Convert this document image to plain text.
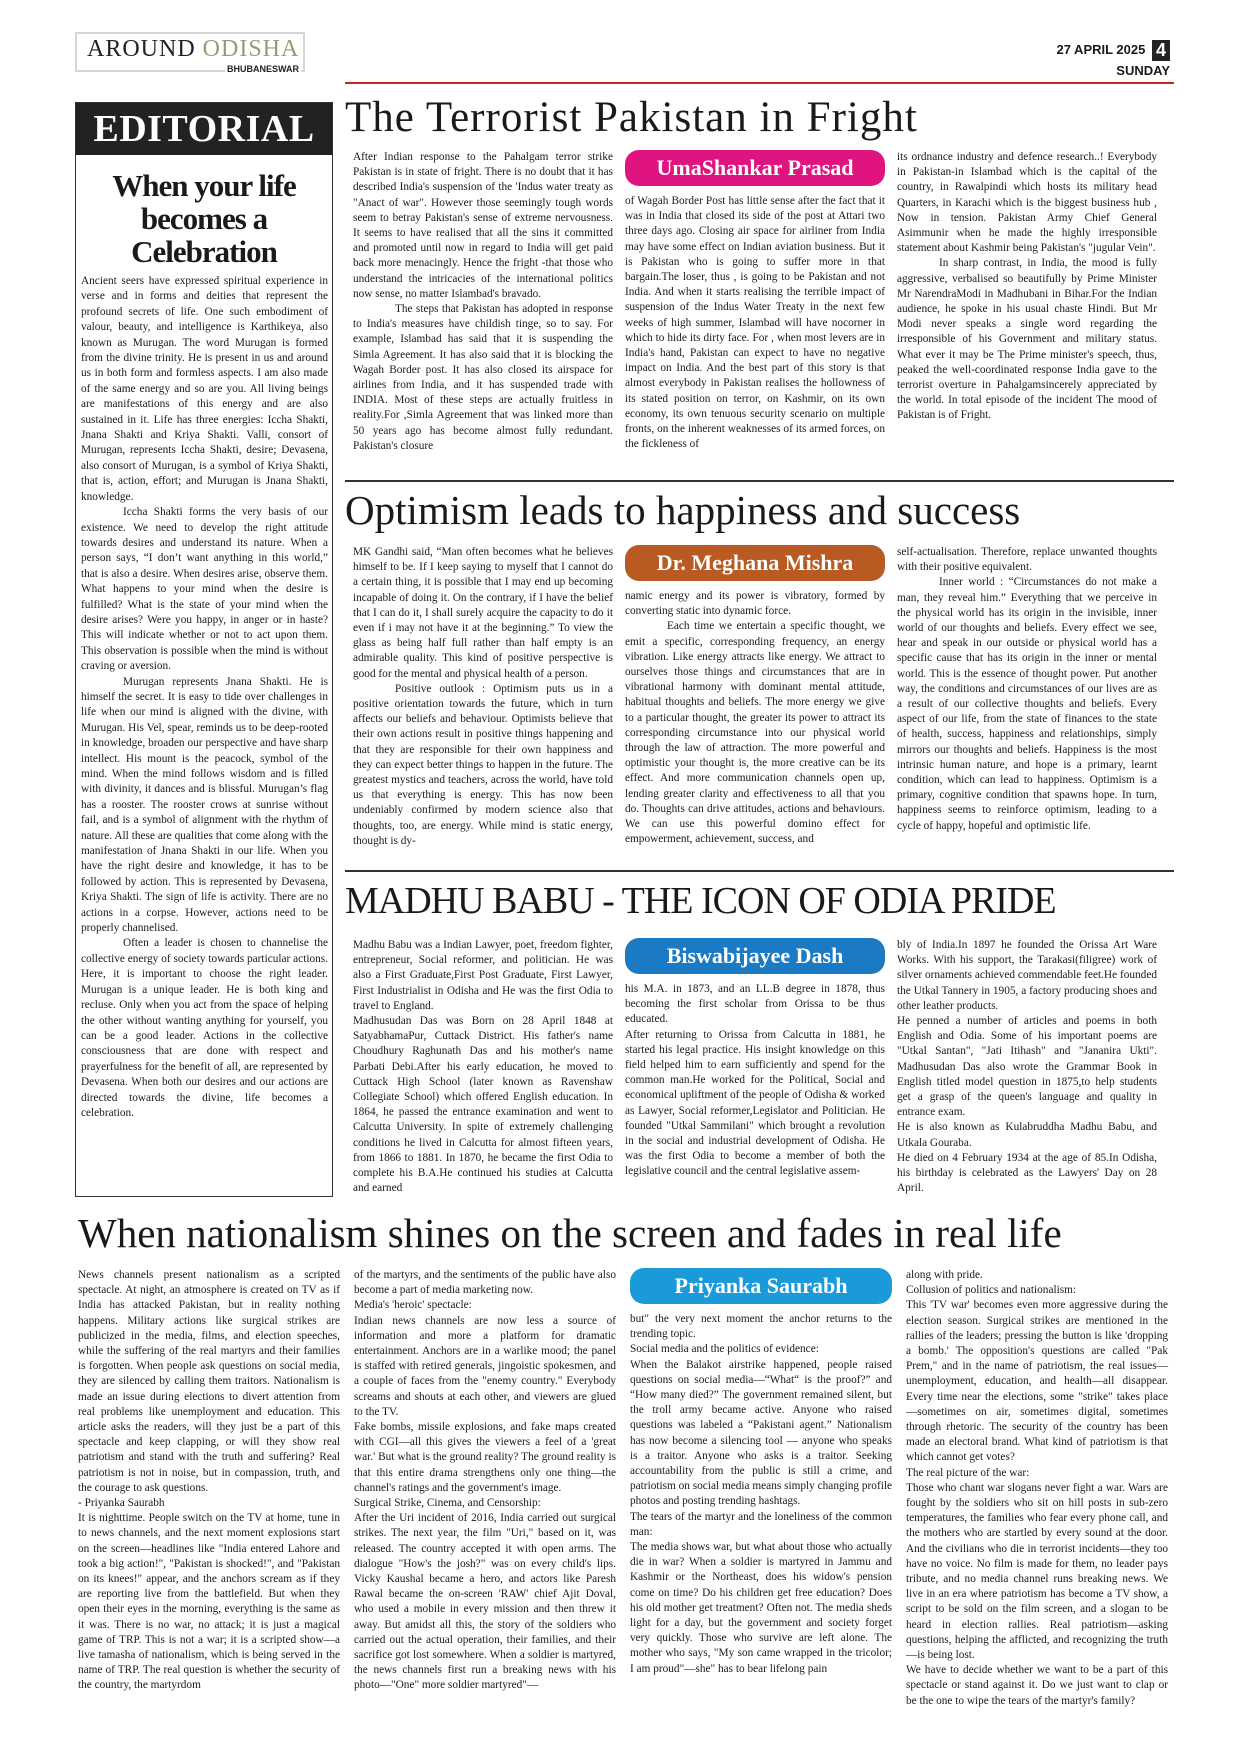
AROUND ODISHA
BHUBANESWAR
27 APRIL 2025 4
SUNDAY
EDITORIAL
When your life becomes a Celebration

Ancient seers have expressed spiritual experience in verse and in forms and deities that represent the profound secrets of life. One such embodiment of valour, beauty, and intelligence is Karthikeya, also known as Murugan. The word Murugan is formed from the divine trinity. He is present in us and around us in both form and formless aspects. I am also made of the same energy and so are you. All living beings are manifestations of this energy and are also sustained in it. Life has three energies: Iccha Shakti, Jnana Shakti and Kriya Shakti. Valli, consort of Murugan, represents Iccha Shakti, desire; Devasena, also consort of Murugan, is a symbol of Kriya Shakti, that is, action, effort; and Murugan is Jnana Shakti, knowledge.

Iccha Shakti forms the very basis of our existence. We need to develop the right attitude towards desires and understand its nature. When a person says, “I don’t want anything in this world,” that is also a desire. When desires arise, observe them. What happens to your mind when the desire is fulfilled? What is the state of your mind when the desire arises? Were you happy, in anger or in haste? This will indicate whether or not to act upon them. This observation is possible when the mind is without craving or aversion.

Murugan represents Jnana Shakti. He is himself the secret. It is easy to tide over challenges in life when our mind is aligned with the divine, with Murugan. His Vel, spear, reminds us to be deep-rooted in knowledge, broaden our perspective and have sharp intellect. His mount is the peacock, symbol of the mind. When the mind follows wisdom and is filled with divinity, it dances and is blissful. Murugan’s flag has a rooster. The rooster crows at sunrise without fail, and is a symbol of alignment with the rhythm of nature. All these are qualities that come along with the manifestation of Jnana Shakti in our life. When you have the right desire and knowledge, it has to be followed by action. This is represented by Devasena, Kriya Shakti. The sign of life is activity. There are no actions in a corpse. However, actions need to be properly channelised.

Often a leader is chosen to channelise the collective energy of society towards particular actions. Here, it is important to choose the right leader. Murugan is a unique leader. He is both king and recluse. Only when you act from the space of helping the other without wanting anything for yourself, you can be a good leader. Actions in the collective consciousness that are done with respect and prayerfulness for the benefit of all, are represented by Devasena. When both our desires and our actions are directed towards the divine, life becomes a celebration.

The Terrorist Pakistan in Fright

After Indian response to the Pahalgam terror strike Pakistan is in state of fright. There is no doubt that it has described India's suspension of the 'Indus water treaty as "Anact of war". However those seemingly tough words seem to betray Pakistan's sense of extreme nervousness. It seems to have realised that all the sins it committed and promoted until now in regard to India will get paid back more menacingly. Hence the fright -that those who understand the intricacies of the international politics now sense, no matter Islambad's bravado.

The steps that Pakistan has adopted in response to India's measures have childish tinge, so to say. For example, Islambad has said that it is suspending the Simla Agreement. It has also said that it is blocking the Wagah Border post. It has also closed its airspace for airlines from India, and it has suspended trade with INDIA. Most of these steps are actually fruitless in reality.For ,Simla Agreement that was linked more than 50 years ago has become almost fully redundant. Pakistan's closure

UmaShankar Prasad

of Wagah Border Post has little sense after the fact that it was in India that closed its side of the post at Attari two three days ago. Closing air space for airliner from India may have some effect on Indian aviation business. But it is Pakistan who is going to suffer more in that bargain.The loser, thus , is going to be Pakistan and not India. And when it starts realising the terrible impact of suspension of the Indus Water Treaty in the next few weeks of high summer, Islambad will have nocorner in which to hide its dirty face. For , when most levers are in India's hand, Pakistan can expect to have no negative impact on India. And the best part of this story is that almost everybody in Pakistan realises the hollowness of its stated position on terror, on Kashmir, on its own economy, its own tenuous security scenario on multiple fronts, on the inherent weaknesses of its armed forces, on the fickleness of

its ordnance industry and defence research..! Everybody in Pakistan-in Islambad which is the capital of the country, in Rawalpindi which hosts its military head Quarters, in Karachi which is the biggest business hub , Now in tension. Pakistan Army Chief General Asimmunir when he made the highly irresponsible statement about Kashmir being Pakistan's "jugular Vein".

In sharp contrast, in India, the mood is fully aggressive, verbalised so beautifully by Prime Minister Mr NarendraModi in Madhubani in Bihar.For the Indian audience, he spoke in his usual chaste Hindi. But Mr Modi never speaks a single word regarding the irresponsible of his Government and military status. What ever it may be The Prime minister's speech, thus, peaked the well-coordinated response India gave to the terrorist overture in Pahalgamsincerely appreciated by the world. In total episode of the incident The mood of Pakistan is of Fright.

Optimism leads to happiness and success

MK Gandhi said, “Man often becomes what he believes himself to be. If I keep saying to myself that I cannot do a certain thing, it is possible that I may end up becoming incapable of doing it. On the contrary, if I have the belief that I can do it, I shall surely acquire the capacity to do it even if i may not have it at the beginning.” To view the glass as being half full rather than half empty is an admirable quality. This kind of positive perspective is good for the mental and physical health of a person.

Positive outlook : Optimism puts us in a positive orientation towards the future, which in turn affects our beliefs and behaviour. Optimists believe that their own actions result in positive things happening and that they are responsible for their own happiness and they can expect better things to happen in the future. The greatest mystics and teachers, across the world, have told us that everything is energy. This has now been undeniably confirmed by modern science also that thoughts, too, are energy. While mind is static energy, thought is dy-

Dr. Meghana Mishra

namic energy and its power is vibratory, formed by converting static into dynamic force.

Each time we entertain a specific thought, we emit a specific, corresponding frequency, an energy vibration. Like energy attracts like energy. We attract to ourselves those things and circumstances that are in vibrational harmony with dominant mental attitude, habitual thoughts and beliefs. The more energy we give to a particular thought, the greater its power to attract its corresponding circumstance into our physical world through the law of attraction. The more powerful and optimistic your thought is, the more creative can be its effect. And more communication channels open up, lending greater clarity and effectiveness to all that you do. Thoughts can drive attitudes, actions and behaviours. We can use this powerful domino effect for empowerment, achievement, success, and

self-actualisation. Therefore, replace unwanted thoughts with their positive equivalent.

Inner world : “Circumstances do not make a man, they reveal him.” Everything that we perceive in the physical world has its origin in the invisible, inner world of our thoughts and beliefs. Every effect we see, hear and speak in our outside or physical world has a specific cause that has its origin in the inner or mental world. This is the essence of thought power. Put another way, the conditions and circumstances of our lives are as a result of our collective thoughts and beliefs. Every aspect of our life, from the state of finances to the state of health, success, happiness and relationships, simply mirrors our thoughts and beliefs. Happiness is the most intrinsic human nature, and hope is a primary, learnt condition, which can lead to happiness. Optimism is a primary, cognitive condition that spawns hope. In turn, happiness seems to reinforce optimism, leading to a cycle of happy, hopeful and optimistic life.

MADHU BABU - THE ICON OF ODIA PRIDE

Madhu Babu was a Indian Lawyer, poet, freedom fighter, entrepreneur, Social reformer, and politician. He was also a First Graduate,First Post Graduate, First Lawyer, First Industrialist in Odisha and He was the first Odia to travel to England.

Madhusudan Das was Born on 28 April 1848 at SatyabhamaPur, Cuttack District. His father's name Choudhury Raghunath Das and his mother's name Parbati Debi.After his early education, he moved to Cuttack High School (later known as Ravenshaw Collegiate School) which offered English education. In 1864, he passed the entrance examination and went to Calcutta University. In spite of extremely challenging conditions he lived in Calcutta for almost fifteen years, from 1866 to 1881. In 1870, he became the first Odia to complete his B.A.He continued his studies at Calcutta and earned

Biswabijayee Dash

his M.A. in 1873, and an LL.B degree in 1878, thus becoming the first scholar from Orissa to be thus educated.

After returning to Orissa from Calcutta in 1881, he started his legal practice. His insight knowledge on this field helped him to earn sufficiently and spend for the common man.He worked for the Political, Social and economical upliftment of the people of Odisha & worked as Lawyer, Social reformer,Legislator and Politician. He founded "Utkal Sammilani" which brought a revolution in the social and industrial development of Odisha. He was the first Odia to become a member of both the legislative council and the central legislative assem-

bly of India.In 1897 he founded the Orissa Art Ware Works. With his support, the Tarakasi(filigree) work of silver ornaments achieved commendable feet.He founded the Utkal Tannery in 1905, a factory producing shoes and other leather products.

He penned a number of articles and poems in both English and Odia. Some of his important poems are "Utkal Santan", "Jati Itihash" and "Jananira Ukti". Madhusudan Das also wrote the Grammar Book in English titled model question in 1875,to help students get a grasp of the queen's language and quality in entrance exam.

He is also known as Kulabruddha Madhu Babu, and Utkala Gouraba.

He died on 4 February 1934 at the age of 85.In Odisha, his birthday is celebrated as the Lawyers' Day on 28 April.

When nationalism shines on the screen and fades in real life

News channels present nationalism as a scripted spectacle. At night, an atmosphere is created on TV as if India has attacked Pakistan, but in reality nothing happens. Military actions like surgical strikes are publicized in the media, films, and election speeches, while the suffering of the real martyrs and their families is forgotten. When people ask questions on social media, they are silenced by calling them traitors. Nationalism is made an issue during elections to divert attention from real problems like unemployment and education. This article asks the readers, will they just be a part of this spectacle and keep clapping, or will they show real patriotism and stand with the truth and suffering? Real patriotism is not in noise, but in compassion, truth, and the courage to ask questions.

- Priyanka Saurabh

It is nighttime. People switch on the TV at home, tune in to news channels, and the next moment explosions start on the screen—headlines like "India entered Lahore and took a big action!", "Pakistan is shocked!", and "Pakistan on its knees!" appear, and the anchors scream as if they are reporting live from the battlefield. But when they open their eyes in the morning, everything is the same as it was. There is no war, no attack; it is just a magical game of TRP. This is not a war; it is a scripted show—a live tamasha of nationalism, which is being served in the name of TRP. The real question is whether the security of the country, the martyrdom

of the martyrs, and the sentiments of the public have also become a part of media marketing now.

Media's 'heroic' spectacle:

Indian news channels are now less a source of information and more a platform for dramatic entertainment. Anchors are in a warlike mood; the panel is staffed with retired generals, jingoistic spokesmen, and a couple of faces from the "enemy country." Everybody screams and shouts at each other, and viewers are glued to the TV.

Fake bombs, missile explosions, and fake maps created with CGI—all this gives the viewers a feel of a 'great war.' But what is the ground reality? The ground reality is that this entire drama strengthens only one thing—the channel's ratings and the government's image.

Surgical Strike, Cinema, and Censorship:

After the Uri incident of 2016, India carried out surgical strikes. The next year, the film "Uri," based on it, was released. The country accepted it with open arms. The dialogue "How's the josh?" was on every child's lips. Vicky Kaushal became a hero, and actors like Paresh Rawal became the on-screen 'RAW' chief Ajit Doval, who used a mobile in every mission and then threw it away. But amidst all this, the story of the soldiers who carried out the actual operation, their families, and their sacrifice got lost somewhere. When a soldier is martyred, the news channels first run a breaking news with his photo—"One" more soldier martyred"—

Priyanka Saurabh

but" the very next moment the anchor returns to the trending topic.

Social media and the politics of evidence:

When the Balakot airstrike happened, people raised questions on social media—“What“ is the proof?” and “How many died?” The government remained silent, but the troll army became active. Anyone who raised questions was labeled a “Pakistani agent.” Nationalism has now become a silencing tool — anyone who speaks is a traitor. Anyone who asks is a traitor. Seeking accountability from the public is still a crime, and patriotism on social media means simply changing profile photos and posting trending hashtags.

The tears of the martyr and the loneliness of the common man:

The media shows war, but what about those who actually die in war? When a soldier is martyred in Jammu and Kashmir or the Northeast, does his widow's pension come on time? Do his children get free education? Does his old mother get treatment? Often not. The media sheds light for a day, but the government and society forget very quickly. Those who survive are left alone. The mother who says, "My son came wrapped in the tricolor; I am proud"—she" has to bear lifelong pain

along with pride.

Collusion of politics and nationalism:

This 'TV war' becomes even more aggressive during the election season. Surgical strikes are mentioned in the rallies of the leaders; pressing the button is like 'dropping a bomb.' The opposition's questions are called "Pak Prem," and in the name of patriotism, the real issues—unemployment, education, and health—all disappear. Every time near the elections, some "strike" takes place—sometimes on air, sometimes digital, sometimes through rhetoric. The security of the country has been made an electoral brand. What kind of patriotism is that which cannot get votes?

The real picture of the war:

Those who chant war slogans never fight a war. Wars are fought by the soldiers who sit on hill posts in sub-zero temperatures, the families who fear every phone call, and the mothers who are startled by every sound at the door. And the civilians who die in terrorist incidents—they too have no voice. No film is made for them, no leader pays tribute, and no media channel runs breaking news. We live in an era where patriotism has become a TV show, a script to be sold on the film screen, and a slogan to be heard in election rallies. Real patriotism—asking questions, helping the afflicted, and recognizing the truth—is being lost.

We have to decide whether we want to be a part of this spectacle or stand against it. Do we just want to clap or be the one to wipe the tears of the martyr's family?
